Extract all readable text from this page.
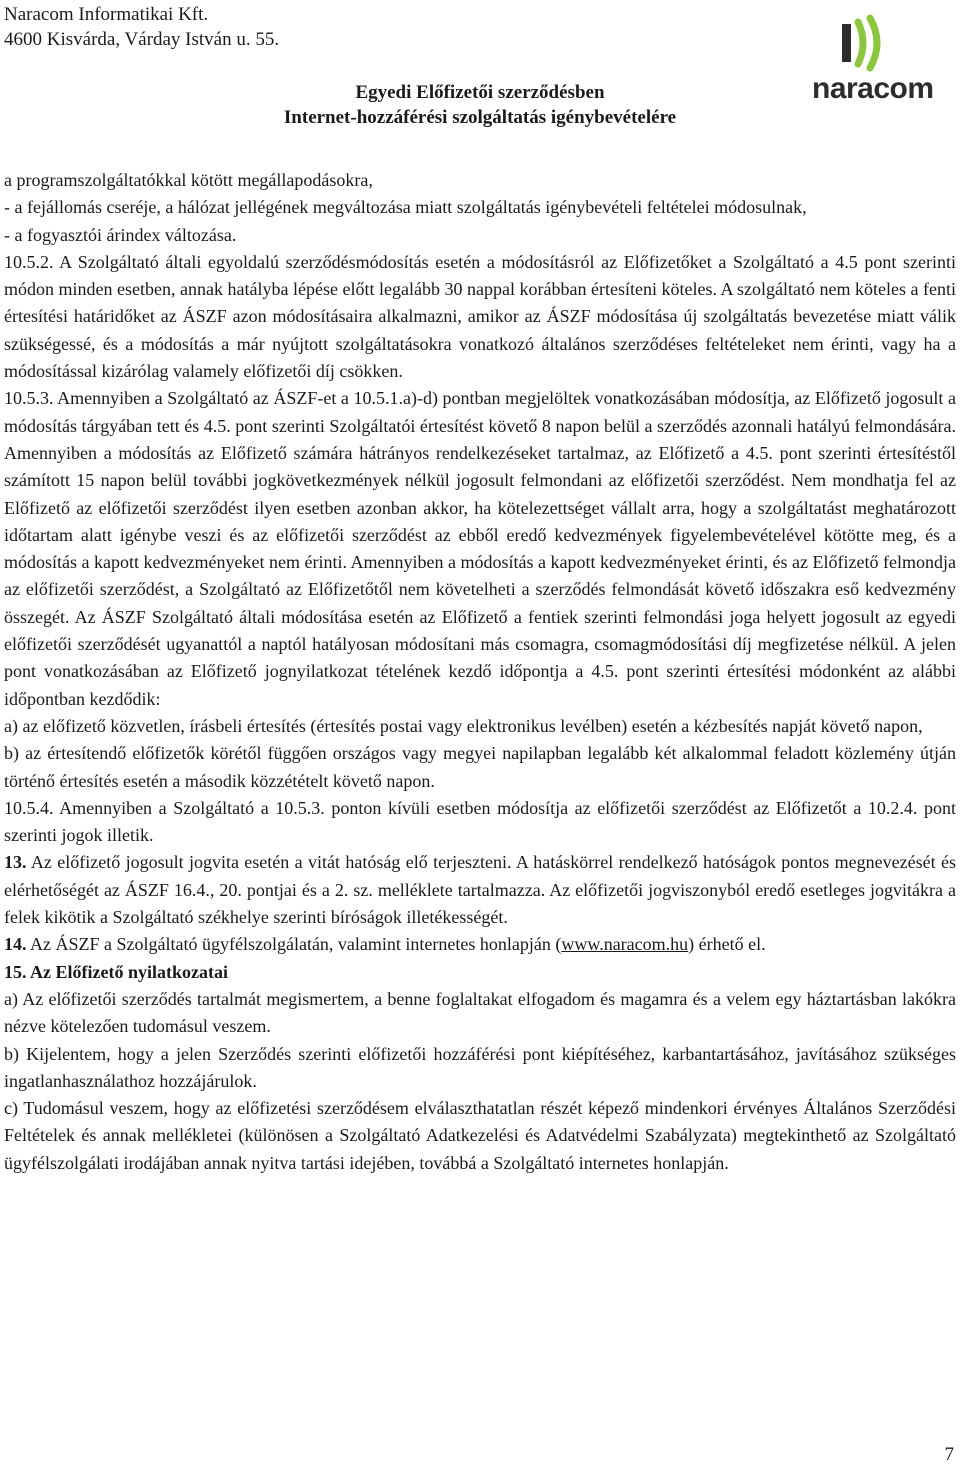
Naracom Informatikai Kft.
4600 Kisvárda, Várday István u. 55.
Egyedi Előfizetői szerződésben
Internet-hozzáférési szolgáltatás igénybevételére
naracom

a programszolgáltatókkal kötött megállapodásokra,

- a fejállomás cseréje, a hálózat jellégének megváltozása miatt szolgáltatás igénybevételi feltételei módosulnak,

- a fogyasztói árindex változása.

10.5.2. A Szolgáltató általi egyoldalú szerződésmódosítás esetén a módosításról az Előfizetőket a Szolgáltató a 4.5 pont szerinti módon minden esetben, annak hatályba lépése előtt legalább 30 nappal korábban értesíteni köteles. A szolgáltató nem köteles a fenti értesítési határidőket az ÁSZF azon módosításaira alkalmazni, amikor az ÁSZF módosítása új szolgáltatás bevezetése miatt válik szükségessé, és a módosítás a már nyújtott szolgáltatásokra vonatkozó általános szerződéses feltételeket nem érinti, vagy ha a módosítással kizárólag valamely előfizetői díj csökken.

10.5.3. Amennyiben a Szolgáltató az ÁSZF-et a 10.5.1.a)-d) pontban megjelöltek vonatkozásában módosítja, az Előfizető jogosult a módosítás tárgyában tett és 4.5. pont szerinti Szolgáltatói értesítést követő 8 napon belül a szerződés azonnali hatályú felmondására. Amennyiben a módosítás az Előfizető számára hátrányos rendelkezéseket tartalmaz, az Előfizető a 4.5. pont szerinti értesítéstől számított 15 napon belül további jogkövetkezmények nélkül jogosult felmondani az előfizetői szerződést. Nem mondhatja fel az Előfizető az előfizetői szerződést ilyen esetben azonban akkor, ha kötelezettséget vállalt arra, hogy a szolgáltatást meghatározott időtartam alatt igénybe veszi és az előfizetői szerződést az ebből eredő kedvezmények figyelembevételével kötötte meg, és a módosítás a kapott kedvezményeket nem érinti. Amennyiben a módosítás a kapott kedvezményeket érinti, és az Előfizető felmondja az előfizetői szerződést, a Szolgáltató az Előfizetőtől nem követelheti a szerződés felmondását követő időszakra eső kedvezmény összegét. Az ÁSZF Szolgáltató általi módosítása esetén az Előfizető a fentiek szerinti felmondási joga helyett jogosult az egyedi előfizetői szerződését ugyanattól a naptól hatályosan módosítani más csomagra, csomagmódosítási díj megfizetése nélkül. A jelen pont vonatkozásában az Előfizető jognyilatkozat tételének kezdő időpontja a 4.5. pont szerinti értesítési módonként az alábbi időpontban kezdődik:

a) az előfizető közvetlen, írásbeli értesítés (értesítés postai vagy elektronikus levélben) esetén a kézbesítés napját követő napon,

b) az értesítendő előfizetők körétől függően országos vagy megyei napilapban legalább két alkalommal feladott közlemény útján történő értesítés esetén a második közzétételt követő napon.

10.5.4. Amennyiben a Szolgáltató a 10.5.3. ponton kívüli esetben módosítja az előfizetői szerződést az Előfizetőt a 10.2.4. pont szerinti jogok illetik.

13. Az előfizető jogosult jogvita esetén a vitát hatóság elő terjeszteni. A hatáskörrel rendelkező hatóságok pontos megnevezését és elérhetőségét az ÁSZF 16.4., 20. pontjai és a 2. sz. melléklete tartalmazza. Az előfizetői jogviszonyból eredő esetleges jogvitákra a felek kikötik a Szolgáltató székhelye szerinti bíróságok illetékességét.

14. Az ÁSZF a Szolgáltató ügyfélszolgálatán, valamint internetes honlapján (www.naracom.hu) érhető el.

15. Az Előfizető nyilatkozatai

a) Az előfizetői szerződés tartalmát megismertem, a benne foglaltakat elfogadom és magamra és a velem egy háztartásban lakókra nézve kötelezően tudomásul veszem.

b) Kijelentem, hogy a jelen Szerződés szerinti előfizetői hozzáférési pont kiépítéséhez, karbantartásához, javításához szükséges ingatlanhasználathoz hozzájárulok.

c) Tudomásul veszem, hogy az előfizetési szerződésem elválaszthatatlan részét képező mindenkori érvényes Általános Szerződési Feltételek és annak mellékletei (különösen a Szolgáltató Adatkezelési és Adatvédelmi Szabályzata) megtekinthető az Szolgáltató ügyfélszolgálati irodájában annak nyitva tartási idejében, továbbá a Szolgáltató internetes honlapján.

7
